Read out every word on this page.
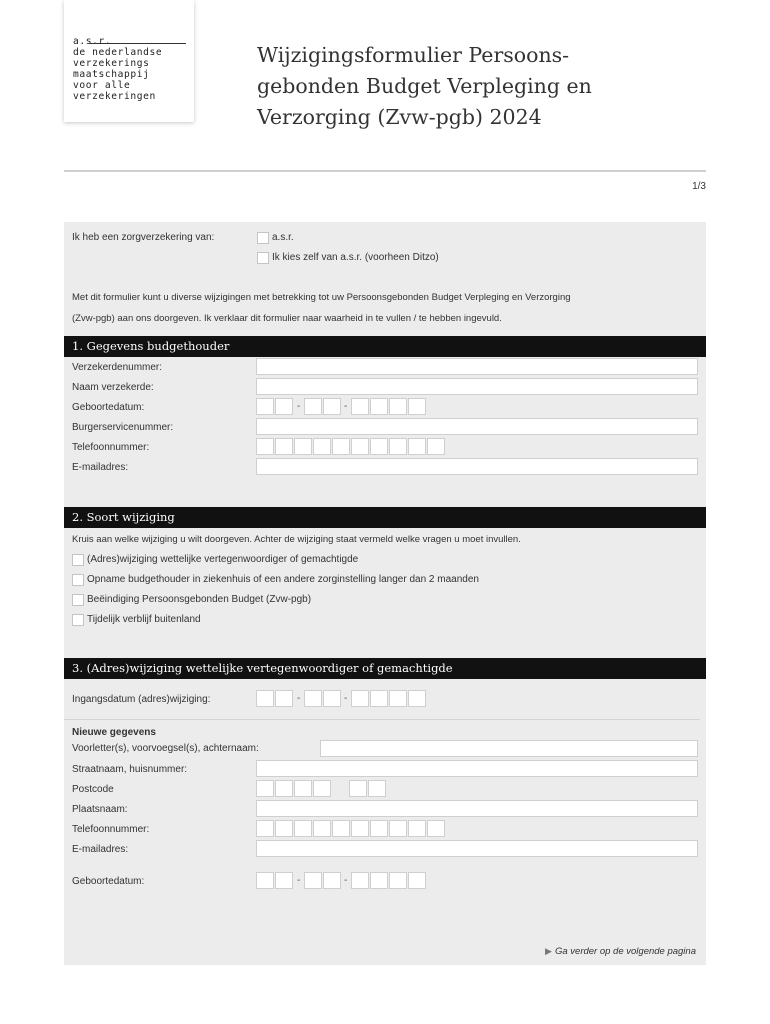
a.s.r.
de nederlandse
verzekerings
maatschappij
voor alle
verzekeringen
Wijzigingsformulier Persoons-
gebonden Budget Verpleging en
Verzorging (Zvw-pgb) 2024
1/3
Ik heb een zorgverzekering van:	a.s.r.
Ik kies zelf van a.s.r. (voorheen Ditzo)
Met dit formulier kunt u diverse wijzigingen met betrekking tot uw Persoonsgebonden Budget Verpleging en Verzorging
(Zvw-pgb) aan ons doorgeven. Ik verklaar dit formulier naar waarheid in te vullen / te hebben ingevuld.
1. Gegevens budgethouder
Verzekerdenummer:
Naam verzekerde:
Geboortedatum:	-	-
Burgerservicenummer:
Telefoonnummer:
E-mailadres:
2. Soort wijziging
Kruis aan welke wijziging u wilt doorgeven. Achter de wijziging staat vermeld welke vragen u moet invullen.
(Adres)wijziging wettelijke vertegenwoordiger of gemachtigde
Opname budgethouder in ziekenhuis of een andere zorginstelling langer dan 2 maanden
Beëindiging Persoonsgebonden Budget (Zvw-pgb)
Tijdelijk verblijf buitenland
3. (Adres)wijziging wettelijke vertegenwoordiger of gemachtigde
Ingangsdatum (adres)wijziging:	-	-
Nieuwe gegevens
Voorletter(s), voorvoegsel(s), achternaam:
Straatnaam, huisnummer:
Postcode
Plaatsnaam:
Telefoonnummer:
E-mailadres:
Geboortedatum:	-	-
▶ Ga verder op de volgende pagina
